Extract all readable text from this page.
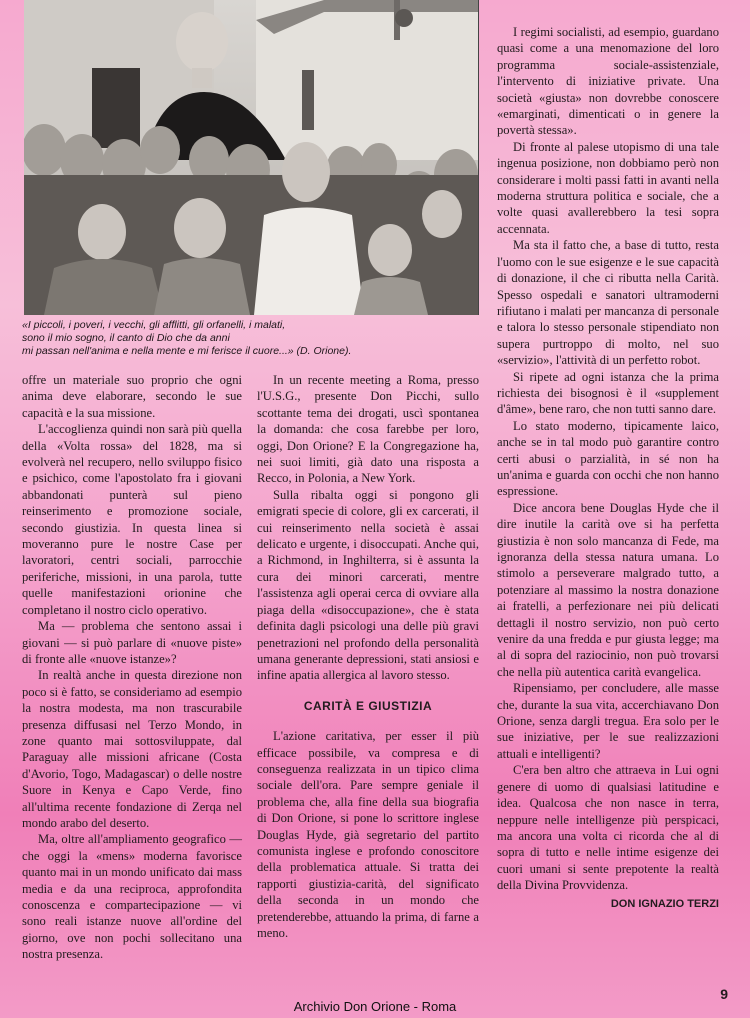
«I piccoli, i poveri, i vecchi, gli afflitti, gli orfanelli, i malati,
sono il mio sogno, il canto di Dio che da anni
mi passan nell'anima e nella mente e mi ferisce il cuore...» (D. Orione).

offre un materiale suo proprio che ogni anima deve elaborare, secondo le sue capacità e la sua missione.

L'accoglienza quindi non sarà più quella della «Volta rossa» del 1828, ma si evolverà nel recupero, nello sviluppo fisico e psichico, come l'apostolato fra i giovani abbandonati punterà sul pieno reinserimento e promozione sociale, secondo giustizia. In questa linea si moveranno pure le nostre Case per lavoratori, centri sociali, parrocchie periferiche, missioni, in una parola, tutte quelle manifestazioni orionine che completano il nostro ciclo operativo.

Ma — problema che sentono assai i giovani — si può parlare di «nuove piste» di fronte alle «nuove istanze»?

In realtà anche in questa direzione non poco si è fatto, se consideriamo ad esempio la nostra modesta, ma non trascurabile presenza diffusasi nel Terzo Mondo, in zone quanto mai sottosviluppate, dal Paraguay alle missioni africane (Costa d'Avorio, Togo, Madagascar) o delle nostre Suore in Kenya e Capo Verde, fino all'ultima recente fondazione di Zerqa nel mondo arabo del deserto.

Ma, oltre all'ampliamento geografico — che oggi la «mens» moderna favorisce quanto mai in un mondo unificato dai mass media e da una reciproca, approfondita conoscenza e compartecipazione — vi sono reali istanze nuove all'ordine del giorno, ove non pochi sollecitano una nostra presenza.

In un recente meeting a Roma, presso l'U.S.G., presente Don Picchi, sullo scottante tema dei drogati, uscì spontanea la domanda: che cosa farebbe per loro, oggi, Don Orione? E la Congregazione ha, nei suoi limiti, già dato una risposta a Recco, in Polonia, a New York.

Sulla ribalta oggi si pongono gli emigrati specie di colore, gli ex carcerati, il cui reinserimento nella società è assai delicato e urgente, i disoccupati. Anche qui, a Richmond, in Inghilterra, si è assunta la cura dei minori carcerati, mentre l'assistenza agli operai cerca di ovviare alla piaga della «disoccupazione», che è stata definita dagli psicologi una delle più gravi penetrazioni nel profondo della personalità umana generante depressioni, stati ansiosi e infine apatia allergica al lavoro stesso.

CARITÀ E GIUSTIZIA

L'azione caritativa, per esser il più efficace possibile, va compresa e di conseguenza realizzata in un tipico clima sociale dell'ora. Pare sempre geniale il problema che, alla fine della sua biografia di Don Orione, si pone lo scrittore inglese Douglas Hyde, già segretario del partito comunista inglese e profondo conoscitore della problematica attuale. Si tratta dei rapporti giustizia-carità, del significato della seconda in un mondo che pretenderebbe, attuando la prima, di farne a meno.

I regimi socialisti, ad esempio, guardano quasi come a una menomazione del loro programma sociale-assistenziale, l'intervento di iniziative private. Una società «giusta» non dovrebbe conoscere «emarginati, dimenticati o in genere la povertà stessa».

Di fronte al palese utopismo di una tale ingenua posizione, non dobbiamo però non considerare i molti passi fatti in avanti nella moderna struttura politica e sociale, che a volte quasi avallerebbero la tesi sopra accennata.

Ma sta il fatto che, a base di tutto, resta l'uomo con le sue esigenze e le sue capacità di donazione, il che ci ributta nella Carità. Spesso ospedali e sanatori ultramoderni rifiutano i malati per mancanza di personale e talora lo stesso personale stipendiato non supera purtroppo di molto, nel suo «servizio», l'attività di un perfetto robot.

Si ripete ad ogni istanza che la prima richiesta dei bisognosi è il «supplement d'âme», bene raro, che non tutti sanno dare.

Lo stato moderno, tipicamente laico, anche se in tal modo può garantire contro certi abusi o parzialità, in sé non ha un'anima e guarda con occhi che non hanno espressione.

Dice ancora bene Douglas Hyde che il dire inutile la carità ove si ha perfetta giustizia è non solo mancanza di Fede, ma ignoranza della stessa natura umana. Lo stimolo a perseverare malgrado tutto, a potenziare al massimo la nostra donazione ai fratelli, a perfezionare nei più delicati dettagli il nostro servizio, non può certo venire da una fredda e pur giusta legge; ma al di sopra del raziocinio, non può trovarsi che nella più autentica carità evangelica.

Ripensiamo, per concludere, alle masse che, durante la sua vita, accerchiavano Don Orione, senza dargli tregua. Era solo per le sue iniziative, per le sue realizzazioni attuali e intelligenti?

C'era ben altro che attraeva in Lui ogni genere di uomo di qualsiasi latitudine e idea. Qualcosa che non nasce in terra, neppure nelle intelligenze più perspicaci, ma ancora una volta ci ricorda che al di sopra di tutto e nelle intime esigenze dei cuori umani si sente prepotente la realtà della Divina Provvidenza.

DON IGNAZIO TERZI
9
Archivio Don Orione - Roma
